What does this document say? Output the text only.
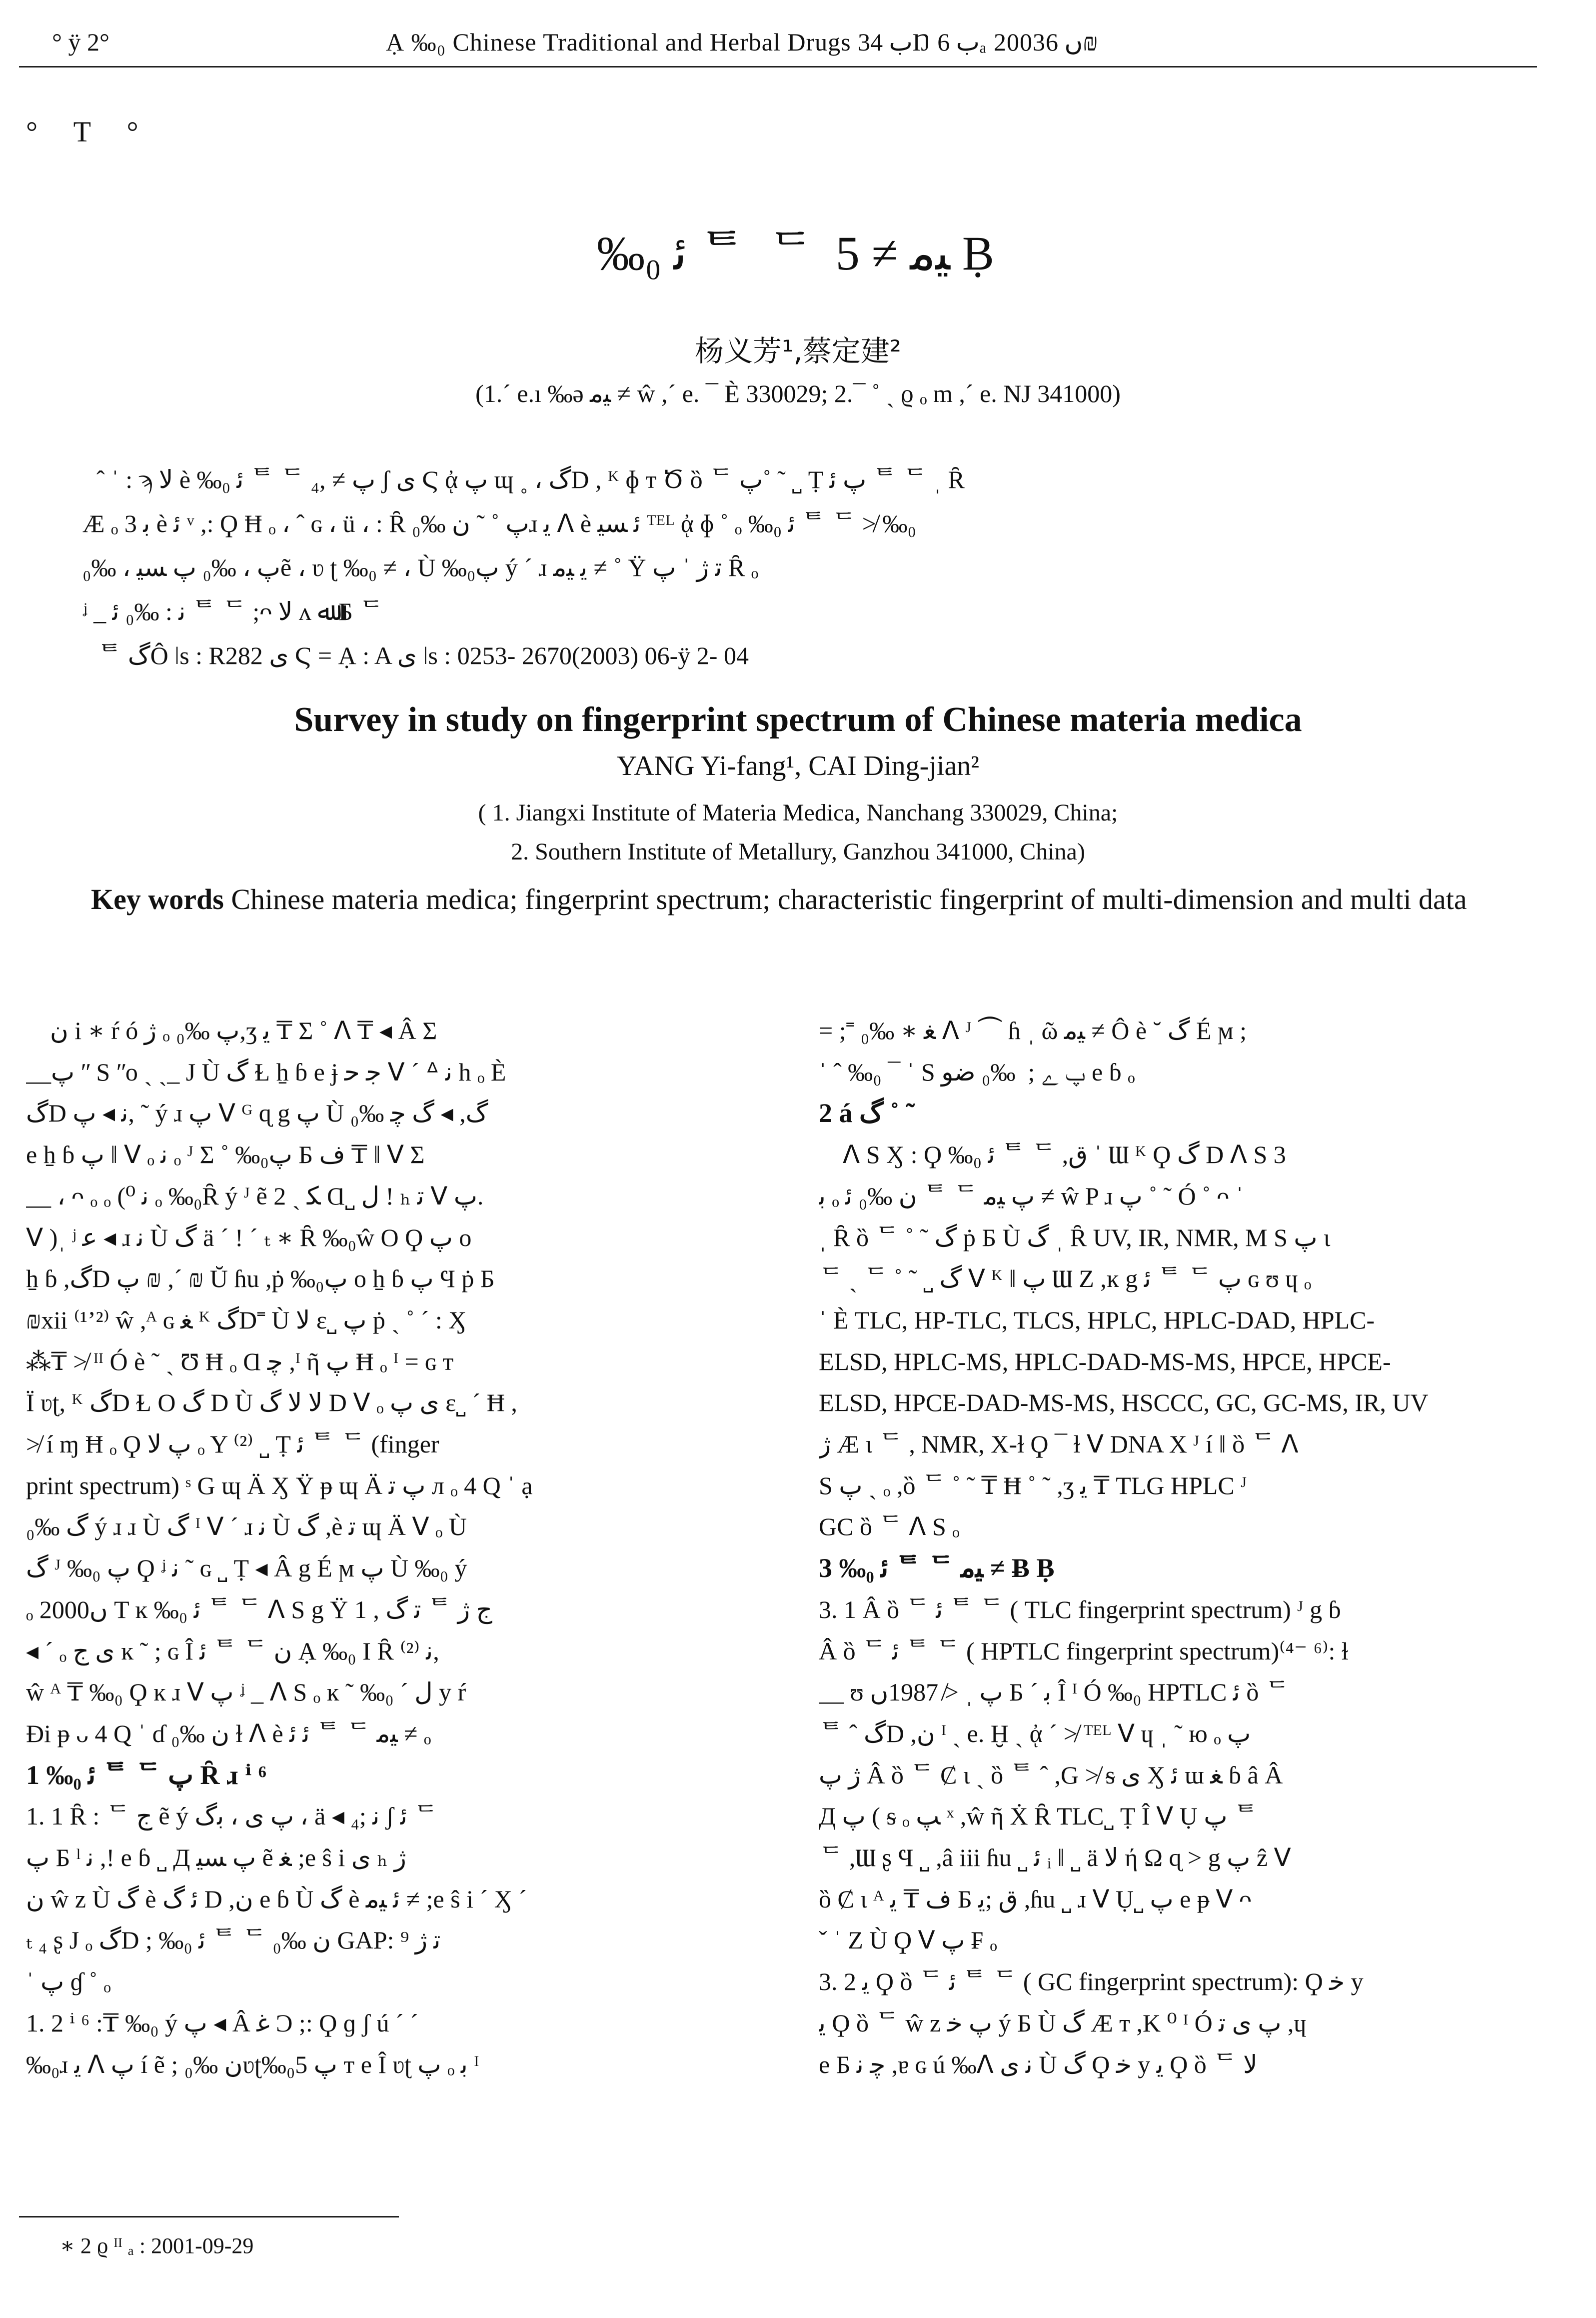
° ÿ 2°	Ạ ‰₀ Chinese Traditional and Herbal Drugs ب 34Ŋ ب 6ₐ 2003ں 6₪
°     T     °
‰₀ ﺋ ᄐ ᄃ ﻴﻣ ≠ 5 Ḅ
杨义芳¹,蔡定建²
(1.ˊ e.ı ‰ǝ ﻴﻣ ≠ ŵ ,ˊ e. ¯ È 330029; 2.¯ ˚ ˏ ϱ ₒ m ,ˊ e. NJ 341000)

ˆ ˈ : ϡ ﻻ è ‰₀ ﺋ ᄐ ᄃ ﭖ ≠ ,₄ ʃ ﯼ Ϛ ᾀ ﭖ ɰ ˳ ، ﮒD , ᴷ ɸ ᴛ Ծ ȍ ᄃ ﭖ˚ ˜ ˽ Ṭ ﭖ ﺋ ᄐ ᄃ ˌ Ȓ

Æ ₒ 3 ﺑ è ﺋ ᵛ ,: Ϙ Ħ ₒ ، ˆ ɢ ، ü ، : Ȓ ﭖ ˚ ˜ ﻥ ‰₀ɹ ﻳ ᐱ è ﺋ ﺴﻴ ᵀᴱᴸ ᾀ ɸ ˚ ₒ ‰₀ ﺋ ᄐ ᄃ ≯ ‰₀

ﭖ ، ‰₀ ﭖ ﺴﻴ ، ‰₀ẽ ، ʋ ʈ ‰₀ ≠ ، Ù ‰₀ﭖ ý ˊ ɹ ﻳ ﻴﻣ ≠ ˚ Ÿ ﺗ ژ ˈ ﭖ Ȓ ₒ

ᶨ _ ﻧ : ‰₀ ﺋ ᄐ ᄃ ;ᴖ ﻻ ᴧ ﷲ Ƃ ᄃ

ᄐ ﮒÔ ǀs : R282 ﯼ Ϛ = Ạ : A ﯼ ǀs : 0253- 2670(2003) 06-ÿ 2- 04

Survey in study on fingerprint spectrum of Chinese materia medica
YANG Yi-fang¹, CAI Ding-jian²
( 1. Jiangxi Institute of Materia Medica, Nanchang 330029, China;
2. Southern Institute of Metallury, Ganzhou 341000, China)
Key words Chinese materia medica; fingerprint spectrum; characteristic fingerprint of multi-dimension and multi data

ﻥ i ∗ ŕ ó ژ ₒ ﭖ ‰₀,ʒ ﻳ ₸ Σ ˚ ᐱ ₸ ◂ Â Σ

__ﭖ ʺ S ʺo ˏ ˏ_ J Ù ﮒ Ɫ ẖ ɓ e ɉ ﺟ ﺣ ᐯ ˊ ᐞ ﻧ h ₒ È

ﮒD ﻧ ◂ ﭖ, ˜ ý ɹ ﭖ ᐯ ᴳ ɋ g ﭖ Ù ﮒ, ◂ ﮒ ﭼ ‰₀

e ẖ ɓ ﭖ ǁ ᐯ ₒ ﻧ ₒ ᴶ Σ ˚ ‰₀ﭖ Ƃ ﻑ ₸ ǁ ᐯ Σ

__ ، ᴖ ₒ ₒ (⁰ ﻧ ₒ ‰₀Ȓ ý ᴶ ẽ ﻜ ˏ 2 Ɑ˽ ﻝ ! ₕ ﺗ ᐯ ﭖ.

ᐯ )ˌ ʲ ﻋ ◂ ɹ ﻧ Ù ﮒ ä ˊ ! ˊ ₜ ∗ Ȓ ‰₀ŵ O Ϙ ﭖ o

ẖ ɓ ,ﮒD ﭖ ₪ ,ˊ ₪ Ŭ ɦu ,ṗ ‰₀ﭖ o ẖ ɓ ﭖ Ϥ ṗ Ƃ

₪xii ⁽¹ʼ²⁾ ŵ ,ᴬ ɢ ﻐ ᴷ ﮒD˭ Ù ﻻ ε˽ ﭖ ṗ ˏ ˚ ˊ : Ӽ

⁂₸ ≯ ᴵᴵ Ó è ˜ ˏ Ʊ Ħ ₒ Ɑ ﭼ ,ᴵ ῆ ﭖ Ħ ₒ ᴵ = ɢ ᴛ

Ï ʋʈ, ᴷ ﮒD Ɫ O ﮒ D Ù ﻻ ﻻ ﮒ D ᐯ ₒ ﯼ ﭖ ε˽ ˊ Ħ ,

≯ í ɱ Ħ ₒ Ϙ ﭖ ﻻ ₒ Y ⁽²⁾ ˽ Ṭ ﺋ ᄐ ᄃ (finger

print spectrum) ˢ G ɰ Ä Ӽ Ÿ ᵽ ɰ Ä ﭖ ﺗ л ₒ 4 Ԛ ˈ ạ

ﮒ ‰₀ ý ɹ ɹ Ù ﮒ ᴵ ᐯ ˊ ɹ ﻧ Ù ﮒ ,è ﺗ ɰ Ä ᐯ ₒ Ù

ﮒ ᴶ ‰₀ ﭖ Ϙ ᶨ ﻧ ˜ ɢ ˽ Ṭ ◂ Â g É ϻ ﭖ Ù ‰₀ ý

ₒ 2000ں T ĸ ‰₀ ﺋ ᄐ ᄃ ᐱ S g Ÿ ﺗ ﮒ , 1 ᄐ ﺝ ژ

◂ ˊ ₒ ﯼ ﺝ ĸ ˜ ; ɢ Î ﺋ ᄐ ᄃ ﻥ Ạ ‰₀ I Ȓ ﻧ ⁽²⁾,

ŵ ᴬ ₸ ‰₀ Ϙ ĸ ɹ ᐯ ﭖ ᶨ _ ᐱ S ₒ ĸ ˜ ‰₀ ˊ ﻝ y ŕ

Ɖi ᵽ ᴗ 4 Ԛ ˈ ɗ ﻥ ‰₀ ɫ ᐱ è ﺋ ﺋ ᄐ ᄃ ﻴﻣ ≠ ₒ

1 ‰₀ ﺋ ᄐ ᄃ ﭖ Ȓ ɹ ⁱ ⁶

1. 1 Ȓ : ᄃ ﺝ ẽ ý ﭖ ﯼ ، ﺑﮒ ، ä ◂ ﻧ ;₄ ʃ ﺋ ᄃ

ﭖ Ƃ ˡ ﻧ ,! e ɓ ˽ Д ﭖ ﺴﻴ ẽ ﻐ ;e ŝ i ﯼ ₕ ژ

ﻥ ŵ z Ù ﮒ è ﺋ ﮒ D ,ﻥ e ɓ Ù ﮒ è ﺋ ﻴﻣ ≠ ;e ŝ i ˊ Ӽ ˊ

ₜ ₄ ʂ J ₒ ﮒD ; ‰₀ ﺋ ᄐ ᄃ ﻥ ‰₀ GAP: ⁹ ﺗ ژ

ˈ ﭖ ɠ ˚ ₒ

1. 2 ⁱ ⁶ :₸ ‰₀ ý ﭖ ◂ Â ﻏ Ͻ ;: Ϙ ɡ ʃ ú ˊ ˊ

‰₀ɹ ﻳ ᐱ ﭖ í ẽ ; ﻥ ‰₀ʋʈ‰₀ﭖ 5 ᴛ e Î ʋʈ ﭖ ₒ ﺑ ᴵ

= ;˭ ﻐ ∗ ‰₀ ᐱ ᴶ ⏜ ɦ ˌ ῶ ﻴﻣ ≠ Ô è ˘ ﮒ É ϻ ;

ˈ ˆ ‰₀ ¯ ˈ S ﭖ ﮮ ; ⁣ ‰₀ ﺿﻮ e ɓ ₒ

2 á ﮒ ˚ ˜

ᐱ S Ӽ : Ϙ ‰₀ ﺋ ᄐ ᄃ ,ﻕ ˈ Ɯ ᴷ Ϙ ﮒ D ᐱ S 3

ﺑ ₒ ﻥ ‰₀ ﺋ ᄐ ᄃ ﭖ ﻴﻣ ≠ ŵ P ɹ ﭖ ˚ ˜ Ó ˚ ᴖ ˈ

ˌ Ȓ ȍ ᄃ ˚ ˜ ﮒ ṗ Ƃ Ù ﮒ ˌ Ȓ UV, IR, NMR, M S ﭖ ι

ᄃ ˎ ᄃ ˚ ˜ ˽ ﮒ ᐯ ᴷ ǁ ﭖ Ɯ Z ,ĸ g ﺋ ᄐ ᄃ ﭖ ɢ ʊ ɥ ₒ

ˈ È TLC, HP-TLC, TLCS, HPLC, HPLC-DAD, HPLC-

ELSD, HPLC-MS, HPLC-DAD-MS-MS, HPCE, HPCE-

ELSD, HPCE-DAD-MS-MS, HSCCC, GC, GC-MS, IR, UV

ژ Æ ι ᄃ , NMR, X-ɫ Ϙ ¯ ɫ ᐯ DNA X ᴶ í ǁ ȍ ᄃ ᐱ

S ﭖ ˏ ₒ ,ȍ ᄃ ˚ ˜ ₸ Ħ ˚ ˜ ,ʒ ﻳ ₸ TLG HPLC ᴶ

GC ȍ ᄃ ᐱ S ₒ

3 ‰₀ ﺋ ᄐ ᄃ ﻴﻣ ≠ Ƀ Ḅ

3. 1 Â ȍ ᄃ ﺋ ᄐ ᄃ ( TLC fingerprint spectrum) ᴶ g ɓ

Â ȍ ᄃ ﺋ ᄐ ᄃ ( HPTLC fingerprint spectrum)⁽⁴⁻ ⁶⁾: ɫ

__ ʊ ﭖ ˌ ≯ 1987ں Ƃ ˊ ﺑ Î ᴵ Ó ‰₀ HPTLC ﺋ ȍ ᄃ

ᄐ ˆ ﮒD ,ﻥ ᴵ ˏ e. Ḫ ˏ ᾀ ˊ ≯ ᵀᴱᴸ ᐯ ɥ ˌ ˜ ю ₒ ﭖ

ژ ﭖ Â ȍ ᄃ Ȼ ι ˏ ȍ ᄐ ˆ ,G ≯ ᵴ ﯼ Ӽ ﺋ ɯ ﻐ ɓ â Â

Д ﭖ ( ᵴ ₒ ﭗ ˣ ,ŵ ῆ Ẋ Ȓ TLC˽ Ṭ Î ᐯ Ụ ﭖ ᄐ

ᄃ ,Ɯ ʂ Ϥ ˽ ,â iii ɦu ˽ ﺋ ᵢ ǁ ˽ ä ﻻ ή Ω ɋ > g ﭖ ẑ ᐯ

ȍ Ȼ ι ᴬ ﻑ ₸ ﻳ Ƃ ﻕ ;ﻳ ,ɦu ˽ ɹ ᐯ Ụ˽ ﭖ e ᵽ ᐯ ᴖ

ˇ ˈ Z Ù Ϙ ᐯ ﭖ ₣ ₒ

3. 2 ﻳ Ϙ ȍ ᄃ ﺋ ᄐ ᄃ ( GC fingerprint spectrum): Ϙ ﺧ y

ﻳ Ϙ ȍ ᄃ ŵ z ﭖ ﺧ ý Ƃ Ù ﮒ Æ ᴛ ,K ⁰ ᴵ Ó ﭖ ﯼ ﺗ ,ɥ

e Ƃ ﭼ ﻧ ,ɐ ɢ ú ‰ᐱ ﻧ ﯼ Ù ﮒ Ϙ ﺧ y ﻳ Ϙ ȍ ᄃ ﻻ

∗ 2 ϱ ᴵᴵ ₐ : 2001-09-29
